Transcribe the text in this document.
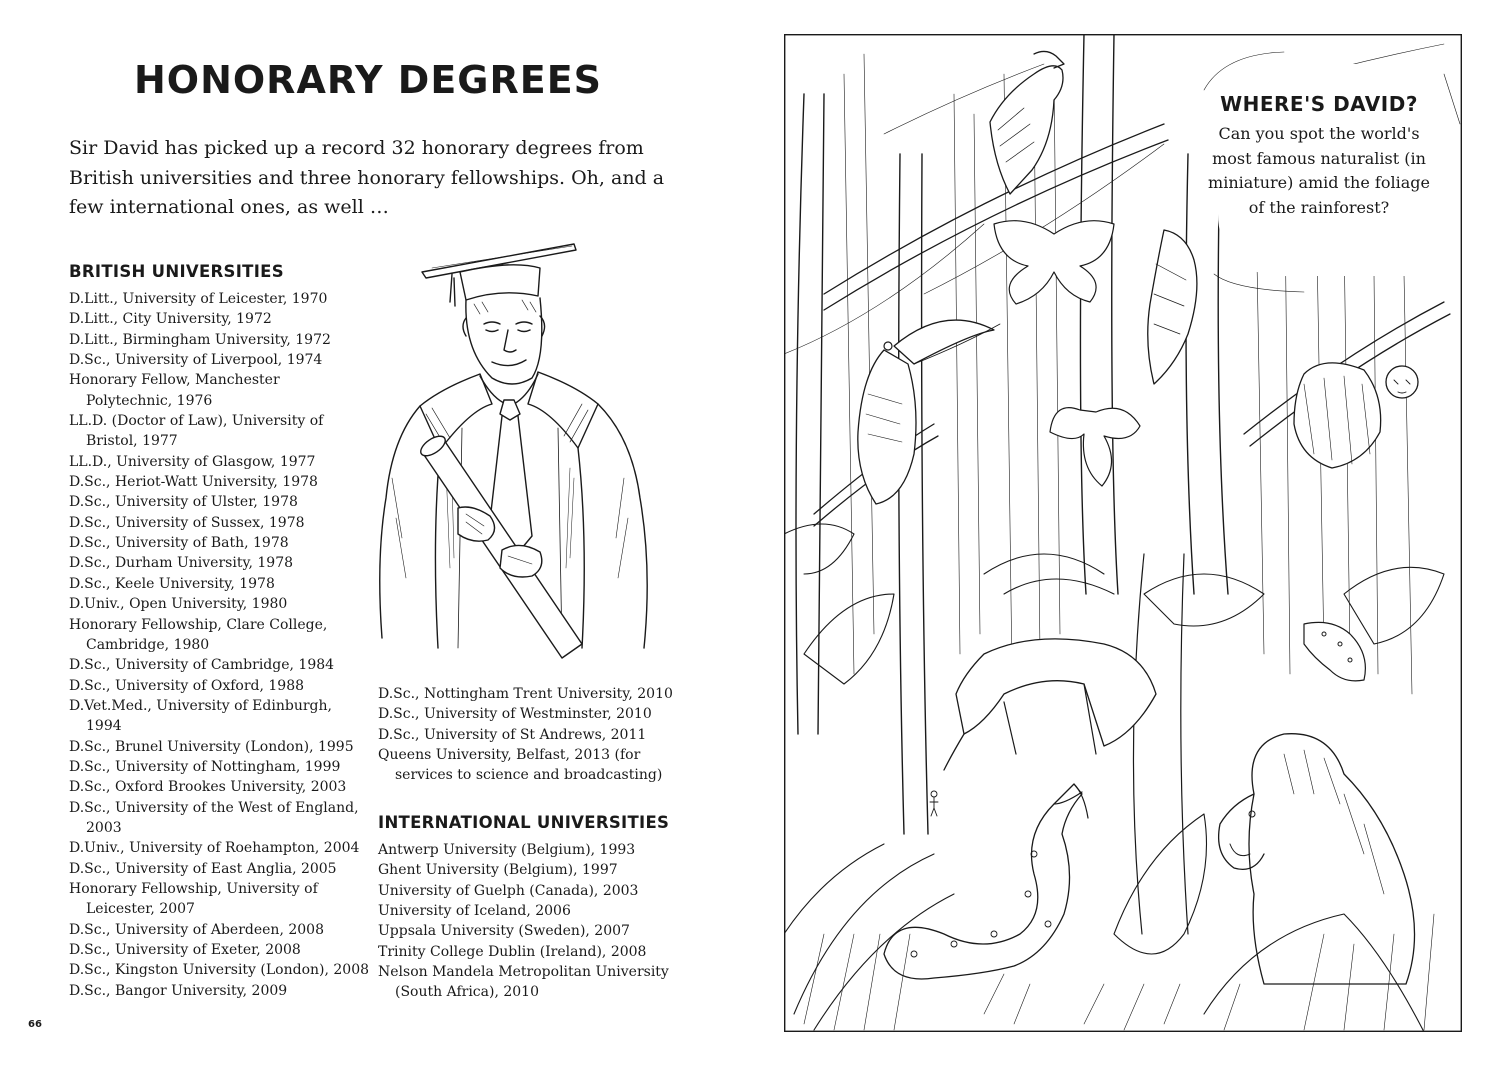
HONORARY DEGREES

Sir David has picked up a record 32 honorary degrees from British universities and three honorary fellowships. Oh, and a few international ones, as well …

BRITISH UNIVERSITIES
D.Litt., University of Leicester, 1970
D.Litt., City University, 1972
D.Litt., Birmingham University, 1972
D.Sc., University of Liverpool, 1974
Honorary Fellow, Manchester Polytechnic, 1976
LL.D. (Doctor of Law), University of Bristol, 1977
LL.D., University of Glasgow, 1977
D.Sc., Heriot-Watt University, 1978
D.Sc., University of Ulster, 1978
D.Sc., University of Sussex, 1978
D.Sc., University of Bath, 1978
D.Sc., Durham University, 1978
D.Sc., Keele University, 1978
D.Univ., Open University, 1980
Honorary Fellowship, Clare College, Cambridge, 1980
D.Sc., University of Cambridge, 1984
D.Sc., University of Oxford, 1988
D.Vet.Med., University of Edinburgh, 1994
D.Sc., Brunel University (London), 1995
D.Sc., University of Nottingham, 1999
D.Sc., Oxford Brookes University, 2003
D.Sc., University of the West of England, 2003
D.Univ., University of Roehampton, 2004
D.Sc., University of East Anglia, 2005
Honorary Fellowship, University of Leicester, 2007
D.Sc., University of Aberdeen, 2008
D.Sc., University of Exeter, 2008
D.Sc., Kingston University (London), 2008
D.Sc., Bangor University, 2009
D.Sc., Nottingham Trent University, 2010
D.Sc., University of Westminster, 2010
D.Sc., University of St Andrews, 2011
Queens University, Belfast, 2013 (for services to science and broadcasting)
INTERNATIONAL UNIVERSITIES
Antwerp University (Belgium), 1993
Ghent University (Belgium), 1997
University of Guelph (Canada), 2003
University of Iceland, 2006
Uppsala University (Sweden), 2007
Trinity College Dublin (Ireland), 2008
Nelson Mandela Metropolitan University (South Africa), 2010
66
WHERE'S DAVID?

Can you spot the world's most famous naturalist (in miniature) amid the foliage of the rainforest?
